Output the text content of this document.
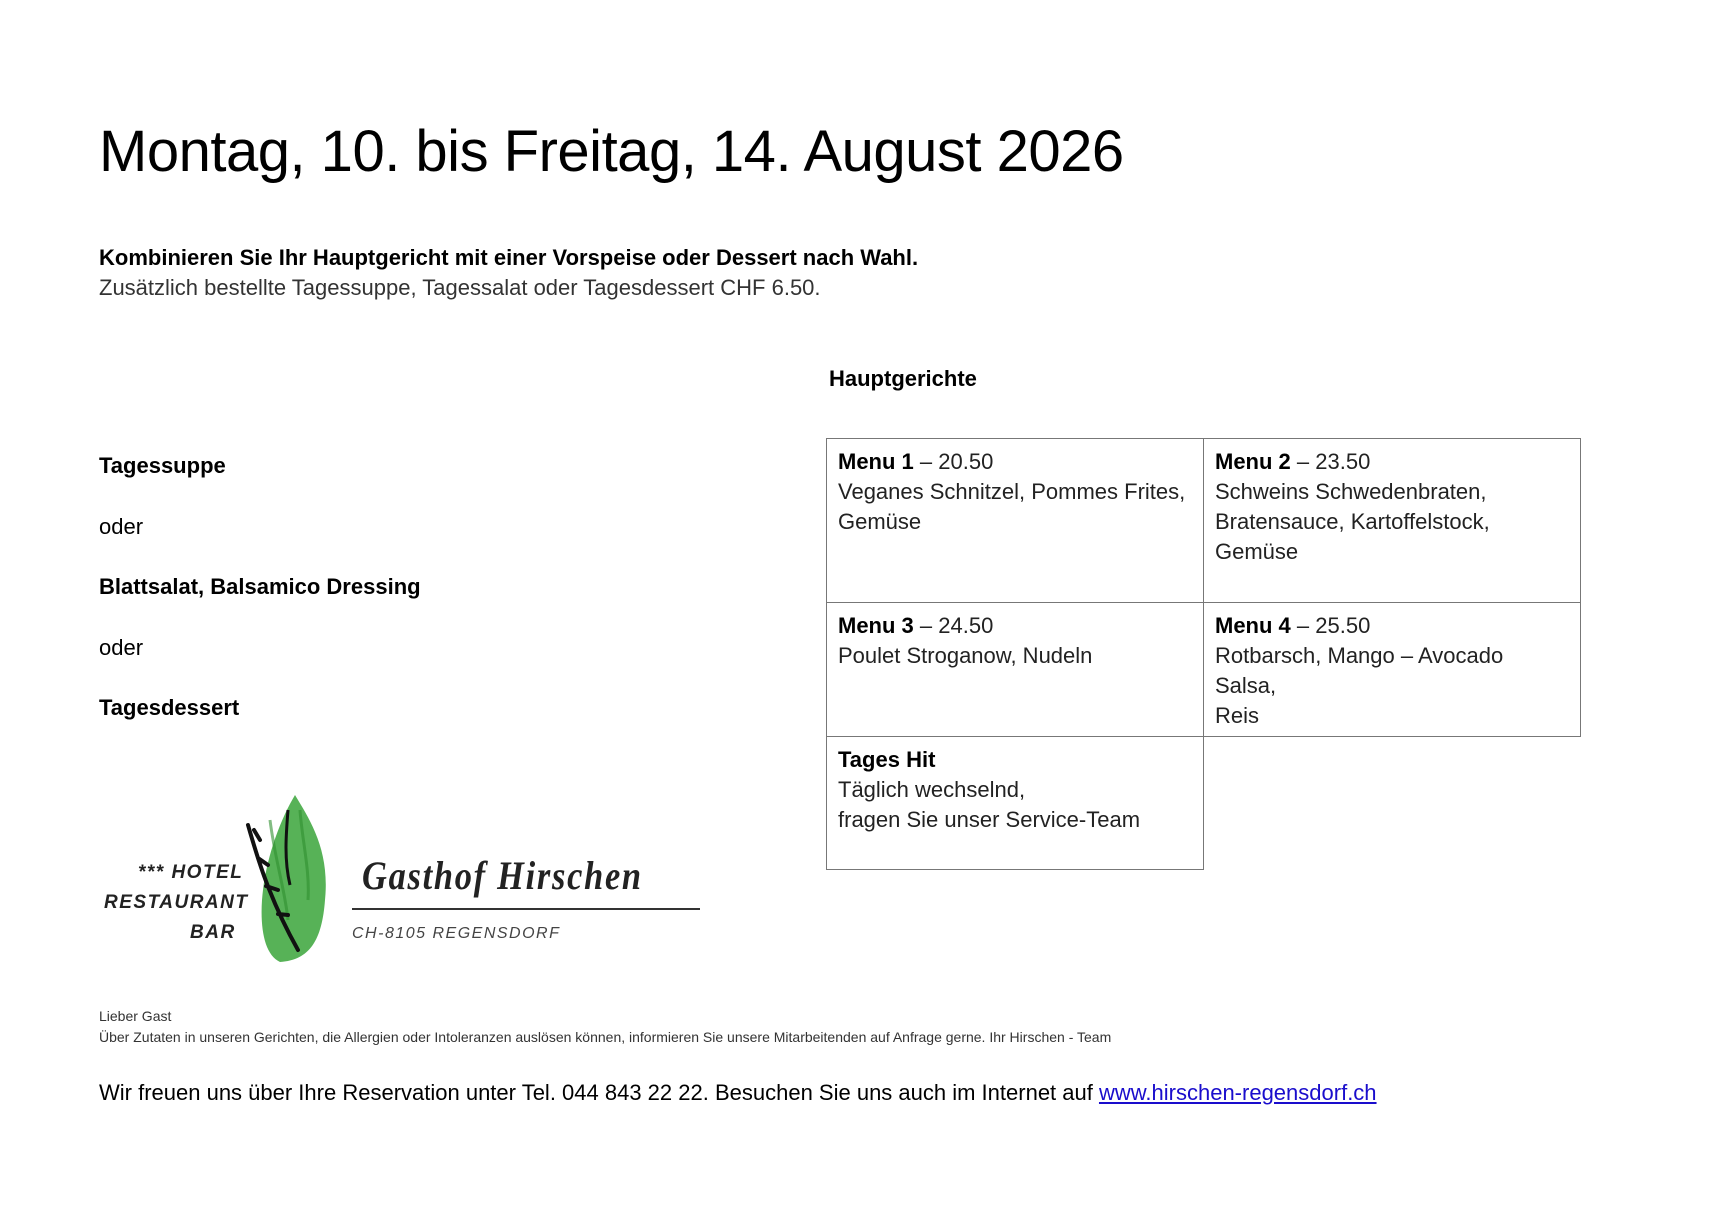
Montag, 10. bis Freitag, 14. August 2026
Kombinieren Sie Ihr Hauptgericht mit einer Vorspeise oder Dessert nach Wahl.
Zusätzlich bestellte Tagessuppe, Tagessalat oder Tagesdessert CHF 6.50.
Tagessuppe
oder
Blattsalat, Balsamico Dressing
oder
Tagesdessert
Hauptgerichte
Menu 1 – 20.50
Veganes Schnitzel, Pommes Frites,
Gemüse
Menu 2 – 23.50
Schweins Schwedenbraten,
Bratensauce, Kartoffelstock,
Gemüse
Menu 3 – 24.50
Poulet Stroganow, Nudeln
Menu 4 – 25.50
Rotbarsch, Mango – Avocado Salsa,
Reis
Tages Hit
Täglich wechselnd,
fragen Sie unser Service-Team
*** HOTEL
RESTAURANT
BAR
Gasthof Hirschen
CH-8105 REGENSDORF
Lieber Gast
Über Zutaten in unseren Gerichten, die Allergien oder Intoleranzen auslösen können, informieren Sie unsere Mitarbeitenden auf Anfrage gerne. Ihr Hirschen - Team
Wir freuen uns über Ihre Reservation unter Tel. 044 843 22 22. Besuchen Sie uns auch im Internet auf www.hirschen-regensdorf.ch
